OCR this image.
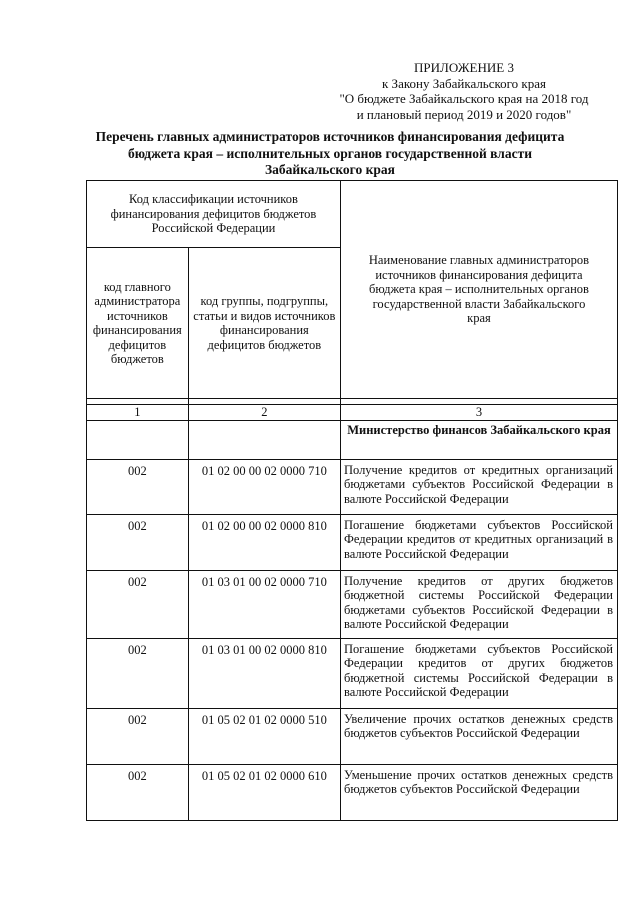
ПРИЛОЖЕНИЕ 3
к Закону Забайкальского края
"О бюджете Забайкальского края на 2018 год
и плановый период 2019 и 2020 годов"
Перечень главных администраторов источников финансирования дефицита
бюджета края – исполнительных органов государственной власти
Забайкальского края
Код классификации источников финансирования дефицитов бюджетов Российской Федерации		Наименование главных администраторов источников финансирования дефицита бюджета края – исполнительных органов государственной власти Забайкальского края
код главного администратора источников финансирования дефицитов бюджетов	код группы, подгруппы, статьи и видов источников финансирования дефицитов бюджетов	

1	2	3
		Министерство финансов Забайкальского края
002	01 02 00 00 02 0000 710	Получение кредитов от кредитных организаций бюджетами субъектов Российской Федерации в валюте Российской Федерации
002	01 02 00 00 02 0000 810	Погашение бюджетами субъектов Российской Федерации кредитов от кредитных организаций в валюте Российской Федерации
002	01 03 01 00 02 0000 710	Получение кредитов от других бюджетов бюджетной системы Российской Федерации бюджетами субъектов Российской Федерации в валюте Российской Федерации
002	01 03 01 00 02 0000 810	Погашение бюджетами субъектов Российской Федерации кредитов от других бюджетов бюджетной системы Российской Федерации в валюте Российской Федерации
002	01 05 02 01 02 0000 510	Увеличение прочих остатков денежных средств бюджетов субъектов Российской Федерации
002	01 05 02 01 02 0000 610	Уменьшение прочих остатков денежных средств бюджетов субъектов Российской Федерации
